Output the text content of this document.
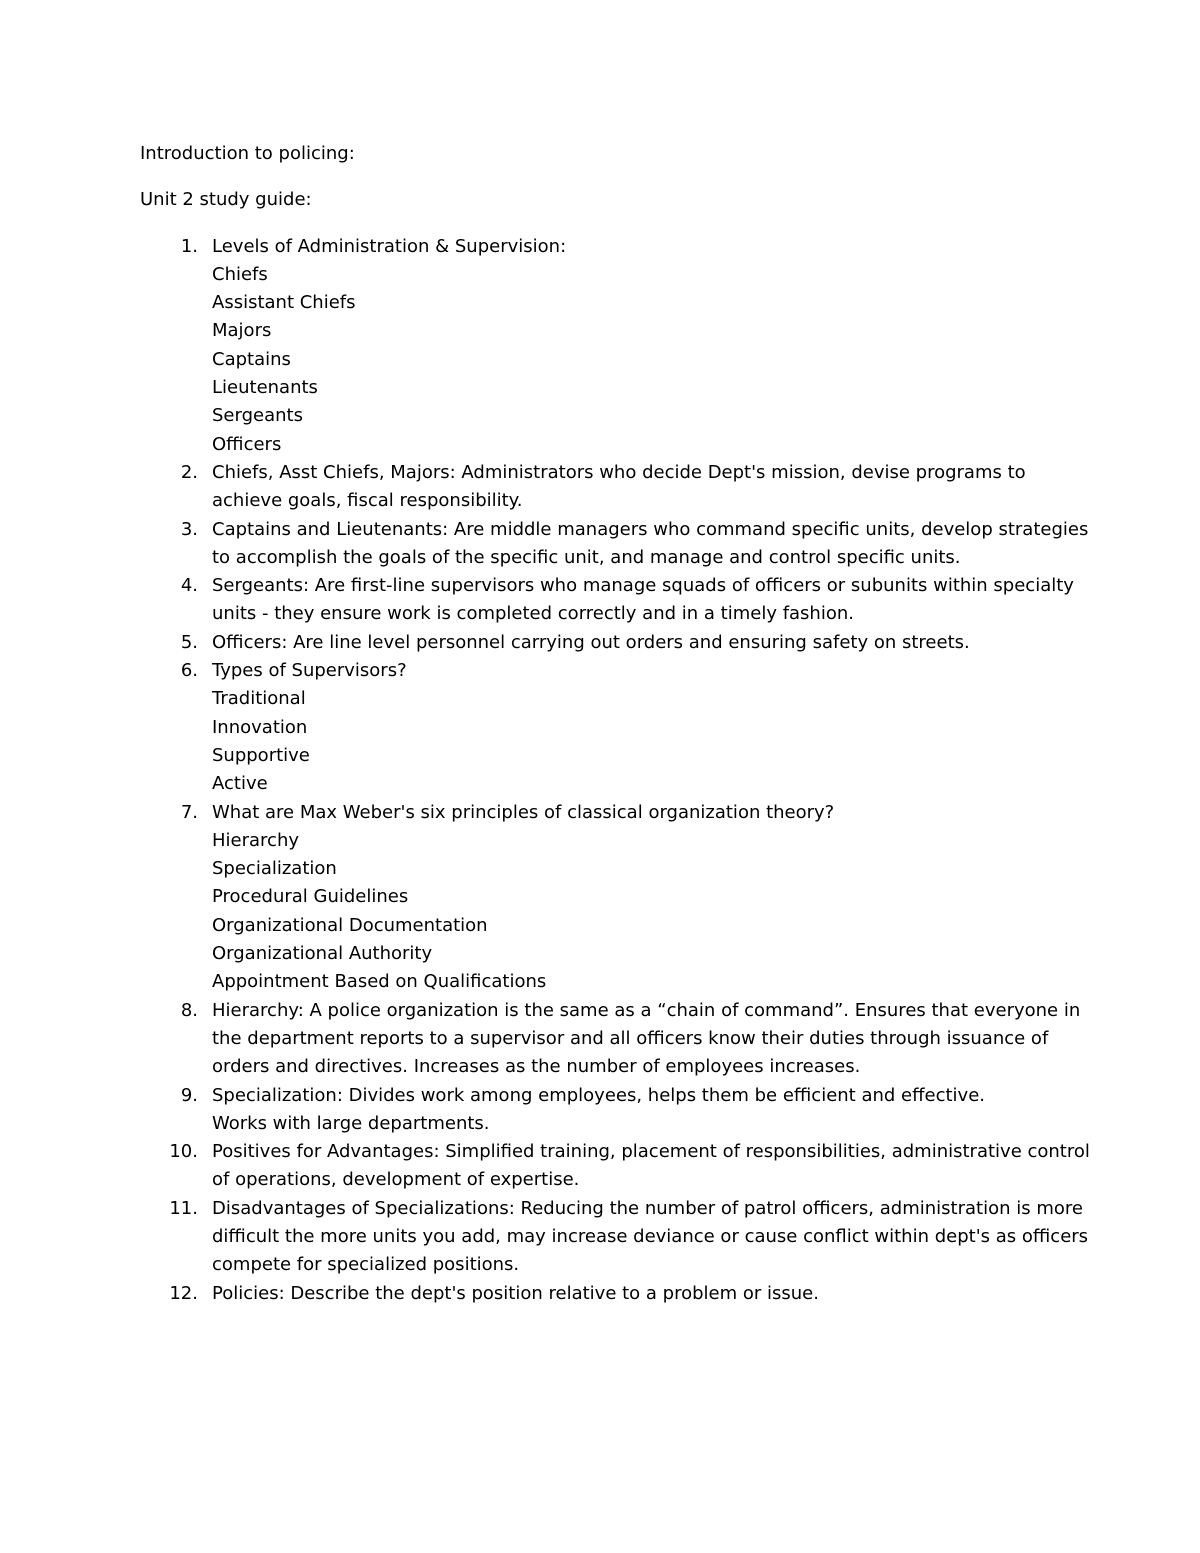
Introduction to policing:

Unit 2 study guide:

1. Levels of Administration & Supervision:
Chiefs
Assistant Chiefs
Majors
Captains
Lieutenants
Sergeants
Officers
2. Chiefs, Asst Chiefs, Majors: Administrators who decide Dept's mission, devise programs to
achieve goals, fiscal responsibility.
3. Captains and Lieutenants: Are middle managers who command specific units, develop strategies
to accomplish the goals of the specific unit, and manage and control specific units.
4. Sergeants: Are first-line supervisors who manage squads of officers or subunits within specialty
units - they ensure work is completed correctly and in a timely fashion.
5. Officers: Are line level personnel carrying out orders and ensuring safety on streets.
6. Types of Supervisors?
Traditional
Innovation
Supportive
Active
7. What are Max Weber's six principles of classical organization theory?
Hierarchy
Specialization
Procedural Guidelines
Organizational Documentation
Organizational Authority
Appointment Based on Qualifications
8. Hierarchy: A police organization is the same as a “chain of command”. Ensures that everyone in
the department reports to a supervisor and all officers know their duties through issuance of
orders and directives. Increases as the number of employees increases.
9. Specialization: Divides work among employees, helps them be efficient and effective.
Works with large departments.
10. Positives for Advantages: Simplified training, placement of responsibilities, administrative control
of operations, development of expertise.
11. Disadvantages of Specializations: Reducing the number of patrol officers, administration is more
difficult the more units you add, may increase deviance or cause conflict within dept's as officers
compete for specialized positions.
12. Policies: Describe the dept's position relative to a problem or issue.
